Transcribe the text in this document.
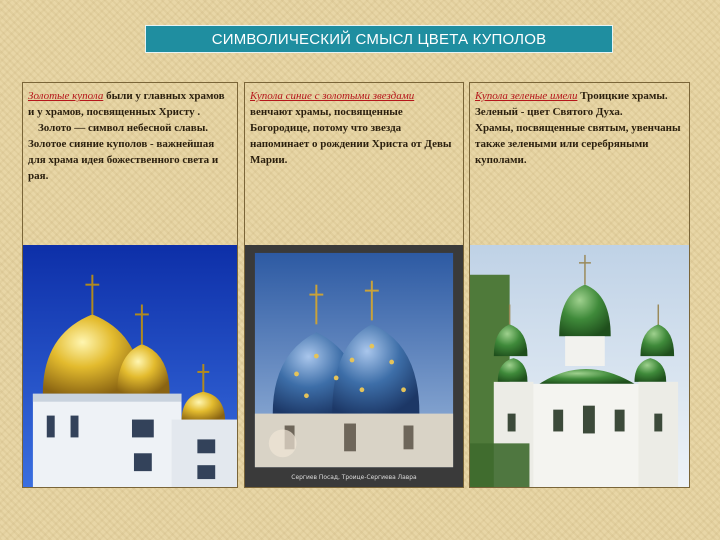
СИМВОЛИЧЕСКИЙ СМЫСЛ ЦВЕТА КУПОЛОВ

Золотые купола были у главных храмов и у храмов, посвященных Христу .

Золото — символ небесной славы. Золотое сияние куполов - важнейшая для храма идея божественного света и рая.

Купола синие с золотыми звездами венчают храмы, посвященные Богородице, потому что звезда напоминает о рождении Христа от Девы Марии.

Сергиев Посад, Троице-Сергиева Лавра

Купола зеленые имели Троицкие храмы. Зеленый - цвет Святого Духа.

Храмы, посвященные святым, увенчаны также зелеными или серебряными куполами.
